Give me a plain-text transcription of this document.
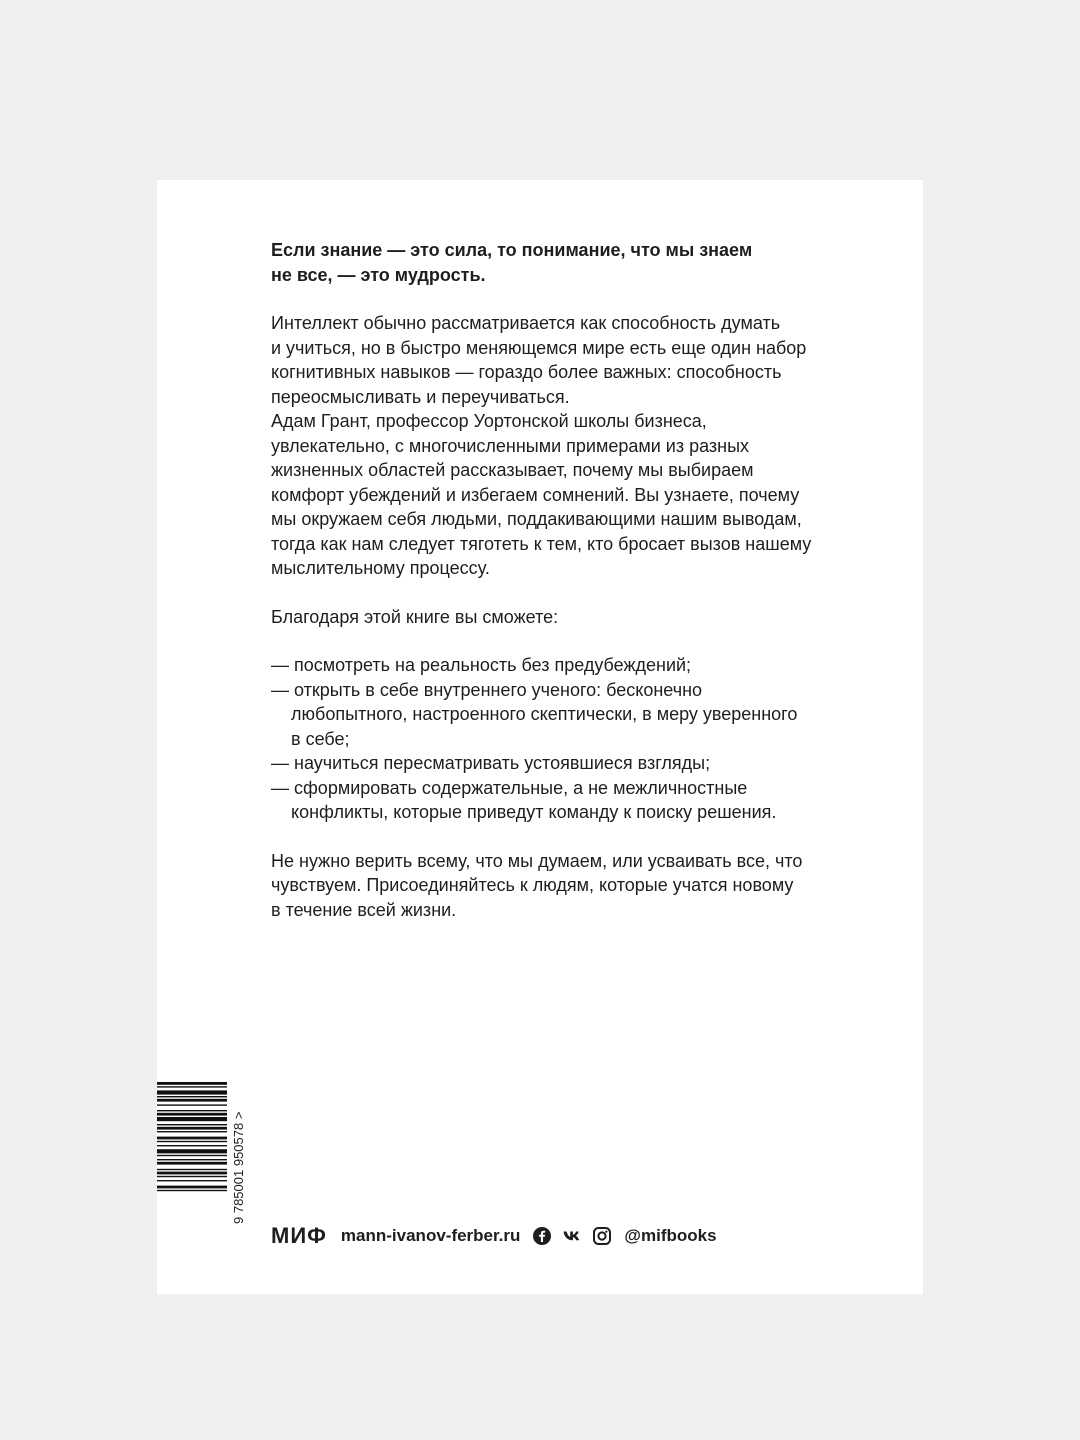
Если знание — это сила, то понимание, что мы знаем
не все, — это мудрость.

Интеллект обычно рассматривается как способность думать
и учиться, но в быстро меняющемся мире есть еще один набор
когнитивных навыков — гораздо более важных: способность
переосмысливать и переучиваться.
Адам Грант, профессор Уортонской школы бизнеса,
увлекательно, с многочисленными примерами из разных
жизненных областей рассказывает, почему мы выбираем
комфорт убеждений и избегаем сомнений. Вы узнаете, почему
мы окружаем себя людьми, поддакивающими нашим выводам,
тогда как нам следует тяготеть к тем, кто бросает вызов нашему
мыслительному процессу.

Благодаря этой книге вы сможете:

— посмотреть на реальность без предубеждений;
— открыть в себе внутреннего ученого: бесконечно
любопытного, настроенного скептически, в меру уверенного
в себе;
— научиться пересматривать устоявшиеся взгляды;
— сформировать содержательные, а не межличностные
конфликты, которые приведут команду к поиску решения.

Не нужно верить всему, что мы думаем, или усваивать все, что
чувствуем. Присоединяйтесь к людям, которые учатся новому
в течение всей жизни.

9 785001 950578 >
МИФ mann-ivanov-ferber.ru	@mifbooks
